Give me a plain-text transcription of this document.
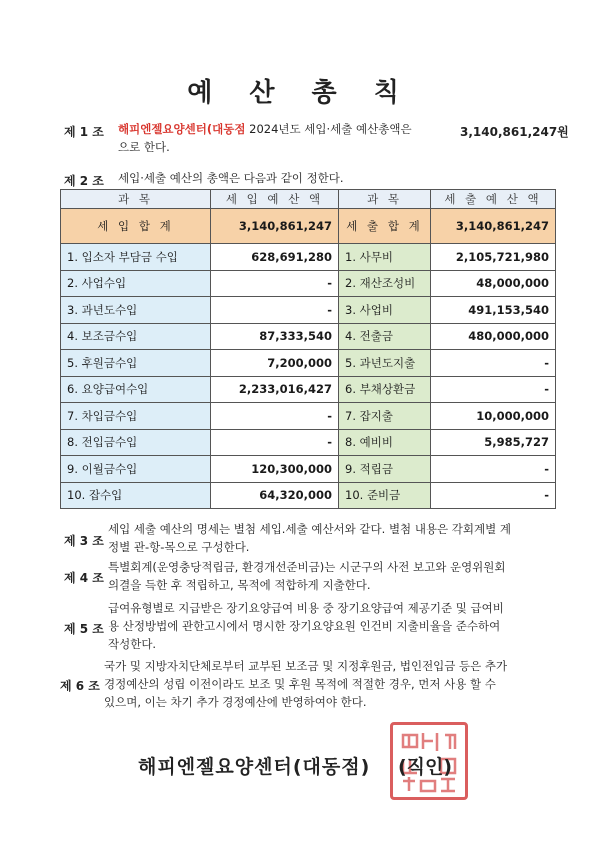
예 산 총 칙
제 1 조 해피엔젤요양센터(대동점 2024년도 세입·세출 예산총액은
으로 한다.
3,140,861,247원
제 2 조 세입·세출 예산의 총액은 다음과 같이 정한다.
과 목	세 입 예 산 액	과 목	세 출 예 산 액
세 입 합 계	3,140,861,247	세 출 합 계	3,140,861,247
1. 입소자 부담금 수입	628,691,280	1. 사무비	2,105,721,980
2. 사업수입	-	2. 재산조성비	48,000,000
3. 과년도수입	-	3. 사업비	491,153,540
4. 보조금수입	87,333,540	4. 전출금	480,000,000
5. 후원금수입	7,200,000	5. 과년도지출	-
6. 요양급여수입	2,233,016,427	6. 부채상환금	-
7. 차입금수입	-	7. 잡지출	10,000,000
8. 전입금수입	-	8. 예비비	5,985,727
9. 이월금수입	120,300,000	9. 적립금	-
10. 잡수입	64,320,000	10. 준비금	-
제 3 조
세입 세출 예산의 명세는 별첨 세입.세출 예산서와 같다. 별첨 내용은 각회계별 계
정별 관-항-목으로 구성한다.
제 4 조
특별회계(운영충당적립금, 환경개선준비금)는 시군구의 사전 보고와 운영위원회
의결을 득한 후 적립하고, 목적에 적합하게 지출한다.
제 5 조
급여유형별로 지급받은 장기요양급여 비용 중 장기요양급여 제공기준 및 급여비
용 산정방법에 관한고시에서 명시한 장기요양요원 인건비 지출비율을 준수하여
작성한다.
제 6 조
국가 및 지방자치단체로부터 교부된 보조금 및 지정후원금, 법인전입금 등은 추가
경정예산의 성립 이전이라도 보조 및 후원 목적에 적절한 경우, 먼저 사용 할 수
있으며, 이는 차기 추가 경정예산에 반영하여야 한다.
해피엔젤요양센터(대동점) (직인)
